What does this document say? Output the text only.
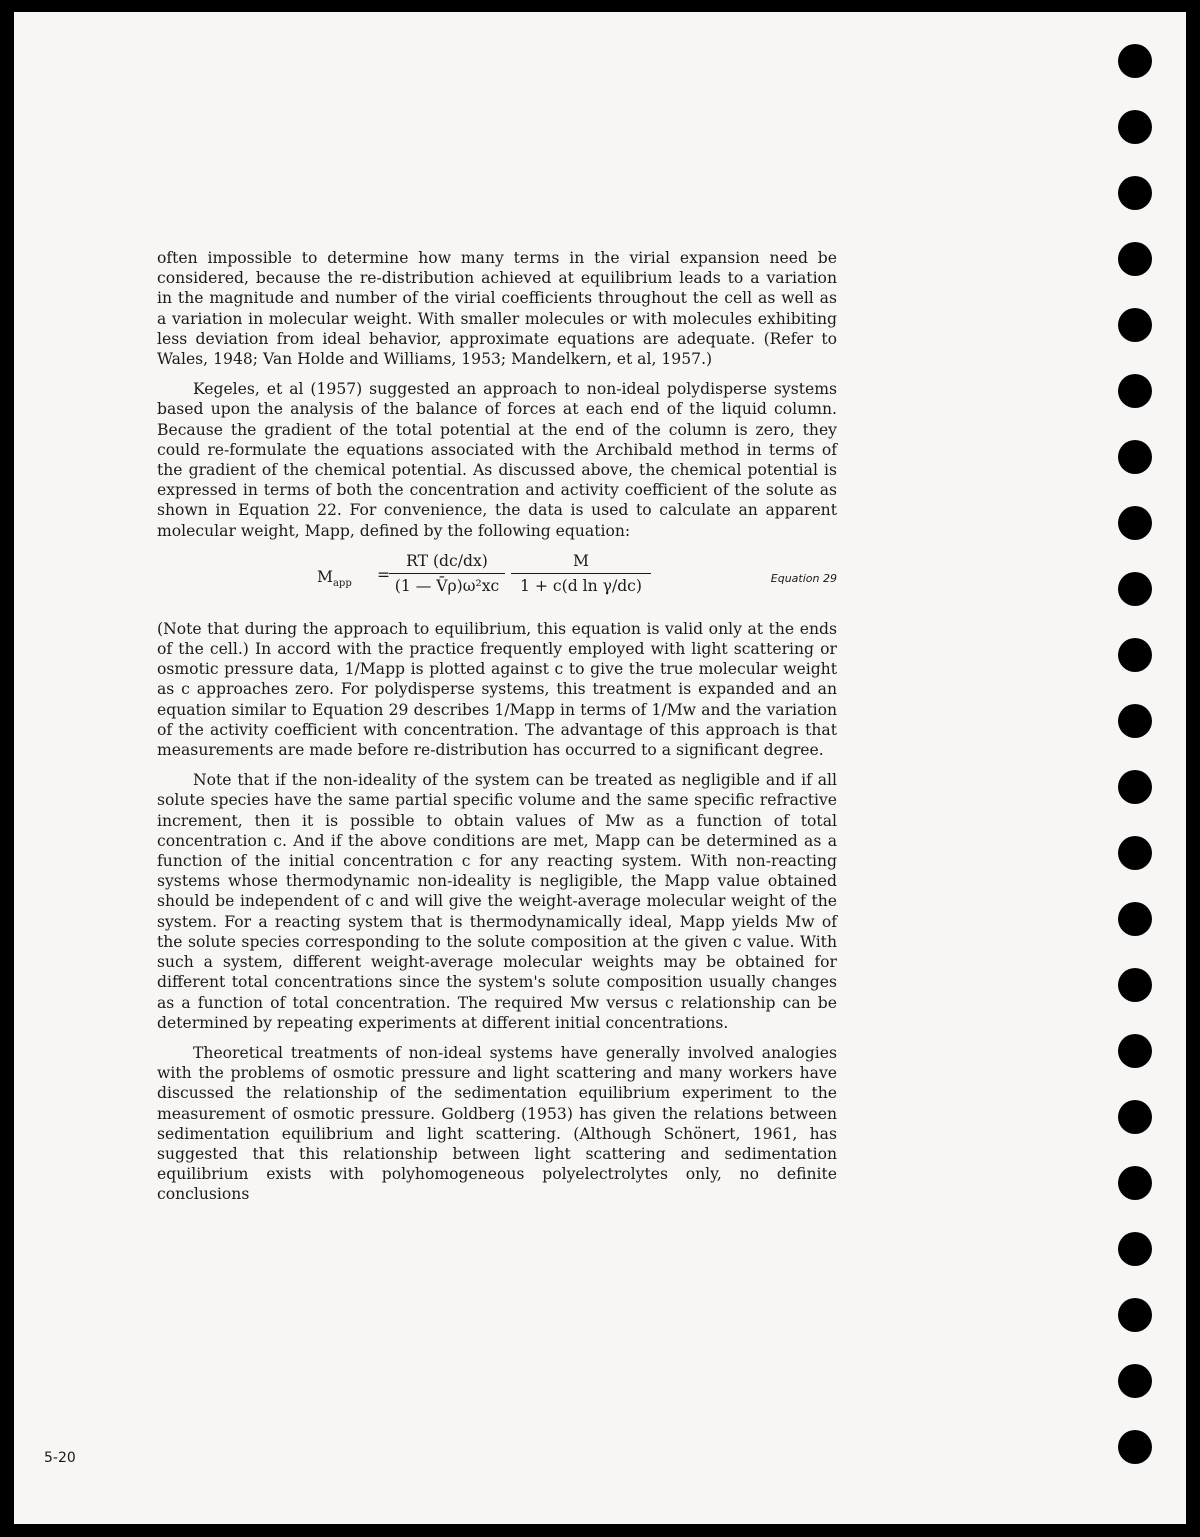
often impossible to determine how many terms in the virial expansion need be considered, because the re-distribution achieved at equilibrium leads to a variation in the magnitude and number of the virial coefficients throughout the cell as well as a variation in molecular weight. With smaller molecules or with molecules exhibiting less deviation from ideal behavior, approximate equations are adequate. (Refer to Wales, 1948; Van Holde and Williams, 1953; Mandelkern, et al, 1957.)

Kegeles, et al (1957) suggested an approach to non-ideal polydisperse systems based upon the analysis of the balance of forces at each end of the liquid column. Because the gradient of the total potential at the end of the column is zero, they could re-formulate the equations associated with the Archibald method in terms of the gradient of the chemical potential. As discussed above, the chemical potential is expressed in terms of both the concentration and activity coefficient of the solute as shown in Equation 22. For convenience, the data is used to calculate an apparent molecular weight, Mapp, defined by the following equation:

$M_{app}$ =
$\frac{RT (dc/dx)}{\text{(1 — V̄ρ)ω²xc}} \frac{M}{\text{1 + c(d ln γ/dc)}}$	Equation 29

(Note that during the approach to equilibrium, this equation is valid only at the ends of the cell.) In accord with the practice frequently employed with light scattering or osmotic pressure data, 1/Mapp is plotted against c to give the true molecular weight as c approaches zero. For polydisperse systems, this treatment is expanded and an equation similar to Equation 29 describes 1/Mapp in terms of 1/Mw and the variation of the activity coefficient with concentration. The advantage of this approach is that measurements are made before re-distribution has occurred to a significant degree.

Note that if the non-ideality of the system can be treated as negligible and if all solute species have the same partial specific volume and the same specific refractive increment, then it is possible to obtain values of Mw as a function of total concentration c. And if the above conditions are met, Mapp can be determined as a function of the initial concentration c for any reacting system. With non-reacting systems whose thermodynamic non-ideality is negligible, the Mapp value obtained should be independent of c and will give the weight-average molecular weight of the system. For a reacting system that is thermodynamically ideal, Mapp yields Mw of the solute species corresponding to the solute composition at the given c value. With such a system, different weight-average molecular weights may be obtained for different total concentrations since the system's solute composition usually changes as a function of total concentration. The required Mw versus c relationship can be determined by repeating experiments at different initial concentrations.

Theoretical treatments of non-ideal systems have generally involved analogies with the problems of osmotic pressure and light scattering and many workers have discussed the relationship of the sedimentation equilibrium experiment to the measurement of osmotic pressure. Goldberg (1953) has given the relations between sedimentation equilibrium and light scattering. (Although Schönert, 1961, has suggested that this relationship between light scattering and sedimentation equilibrium exists with polyhomogeneous polyelectrolytes only, no definite conclusions

5-20
